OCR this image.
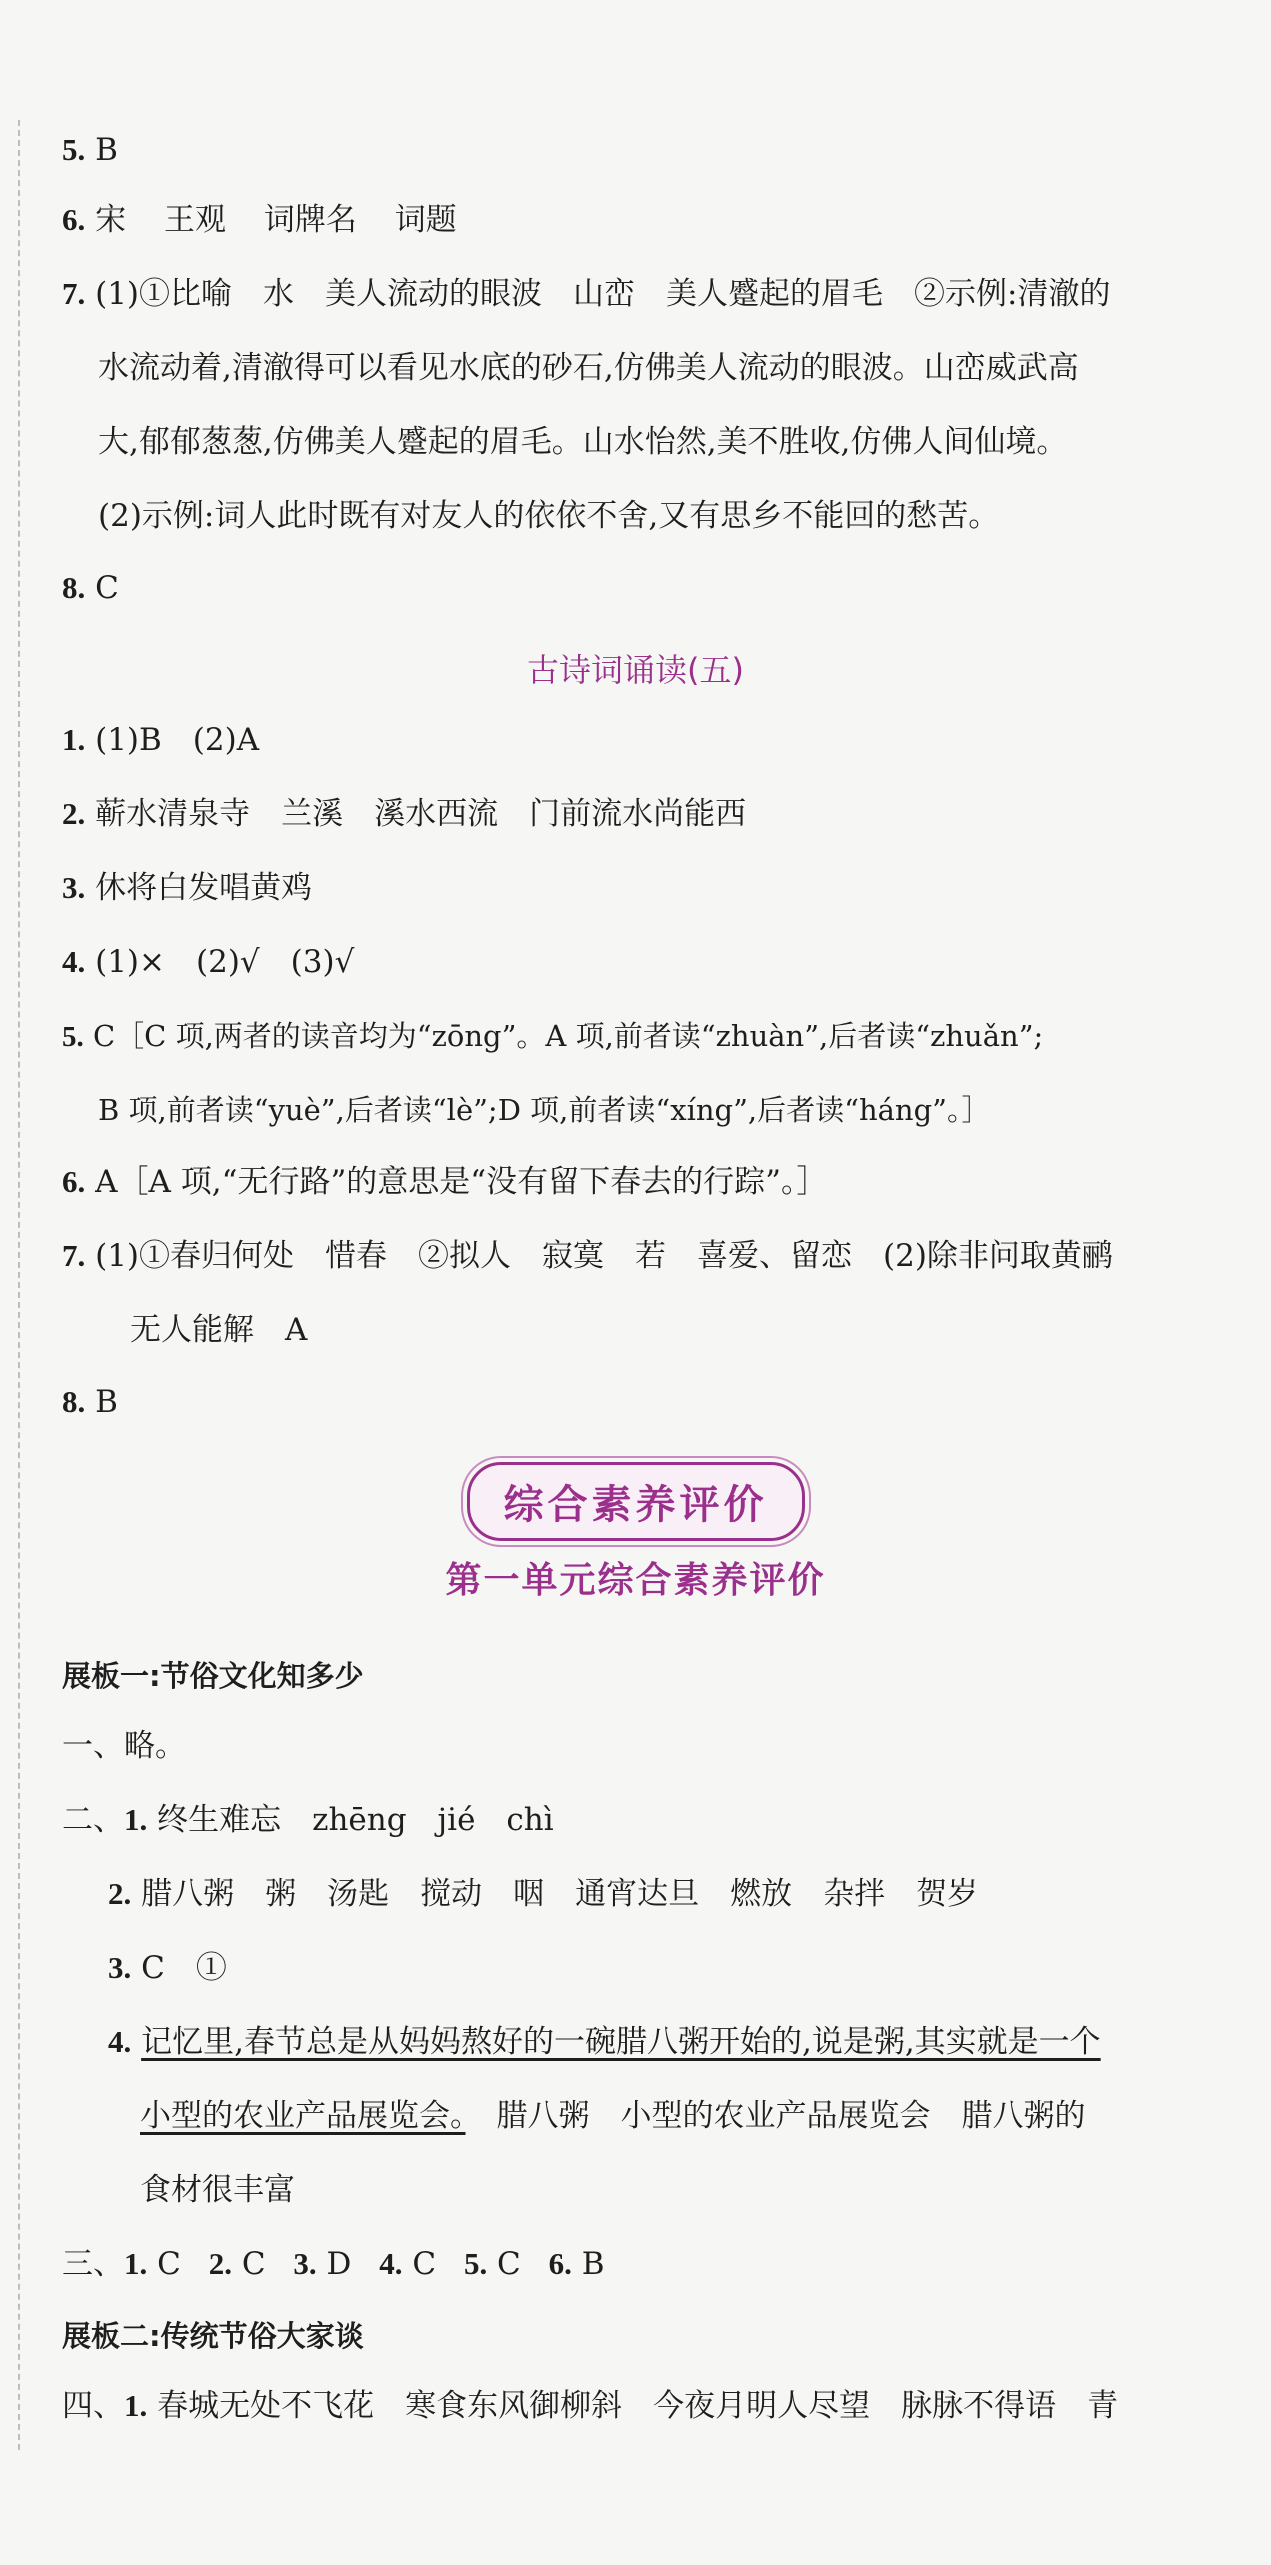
5. B
6. 宋 王观 词牌名 词题
7. (1)①比喻　水　美人流动的眼波　山峦　美人蹙起的眉毛　②示例:清澈的
水流动着,清澈得可以看见水底的砂石,仿佛美人流动的眼波。山峦威武高
大,郁郁葱葱,仿佛美人蹙起的眉毛。山水怡然,美不胜收,仿佛人间仙境。
(2)示例:词人此时既有对友人的依依不舍,又有思乡不能回的愁苦。
8. C
古诗词诵读(五)
1. (1)B　(2)A
2. 蕲水清泉寺　兰溪　溪水西流　门前流水尚能西
3. 休将白发唱黄鸡
4. (1)×　(2)√　(3)√
5. C［C 项,两者的读音均为“zōng”。A 项,前者读“zhuàn”,后者读“zhuǎn”;
B 项,前者读“yuè”,后者读“lè”;D 项,前者读“xíng”,后者读“háng”。］
6. A［A 项,“无行路”的意思是“没有留下春去的行踪”。］
7. (1)①春归何处　惜春　②拟人　寂寞　若　喜爱、留恋　(2)除非问取黄鹂
无人能解　A
8. B
综合素养评价
第一单元综合素养评价
展板一:节俗文化知多少
一、略。
二、1. 终生难忘　zhēng　jié　chì
2. 腊八粥　粥　汤匙　搅动　咽　通宵达旦　燃放　杂拌　贺岁
3. C　①
4. 记忆里,春节总是从妈妈熬好的一碗腊八粥开始的,说是粥,其实就是一个
小型的农业产品展览会。　腊八粥　小型的农业产品展览会　腊八粥的
食材很丰富
三、1. C 2. C 3. D 4. C 5. C 6. B
展板二:传统节俗大家谈
四、1. 春城无处不飞花　寒食东风御柳斜　今夜月明人尽望　脉脉不得语　青
